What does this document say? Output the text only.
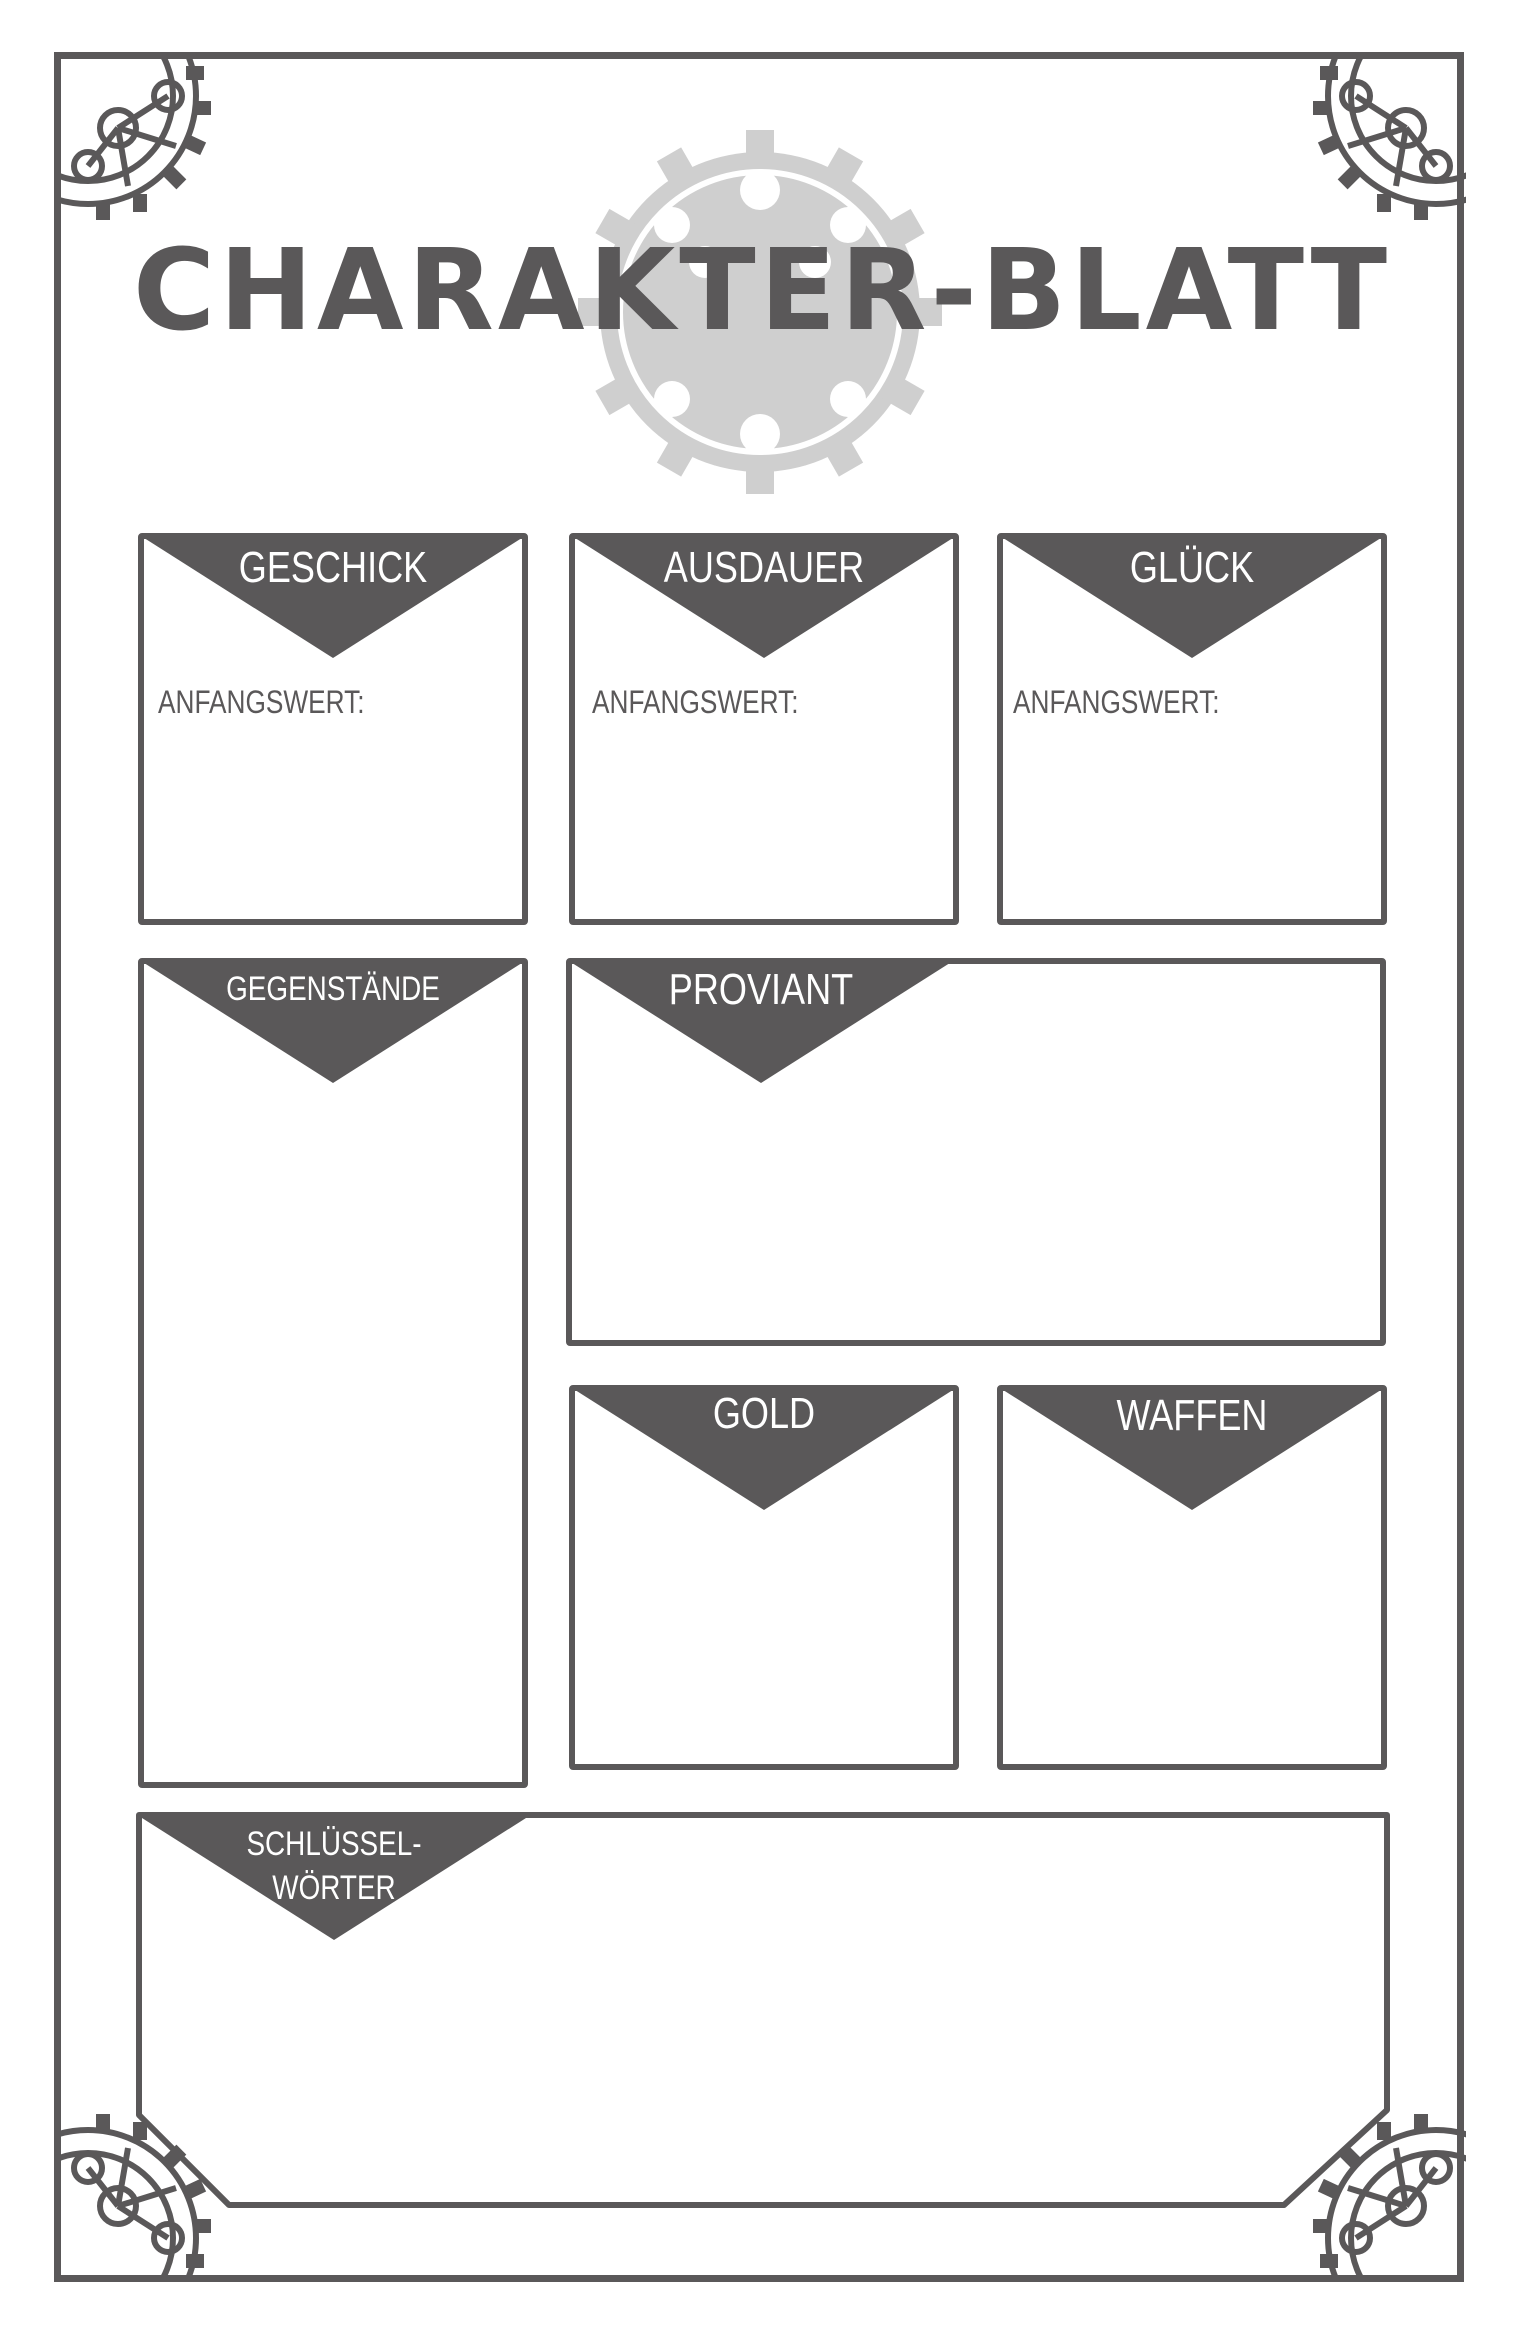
CHARAKTER-BLATT
GESCHICK
ANFANGSWERT:
AUSDAUER
ANFANGSWERT:
GLÜCK
ANFANGSWERT:
GEGENSTÄNDE	PROVIANT
GOLD	WAFFEN
SCHLÜSSEL-
WÖRTER
